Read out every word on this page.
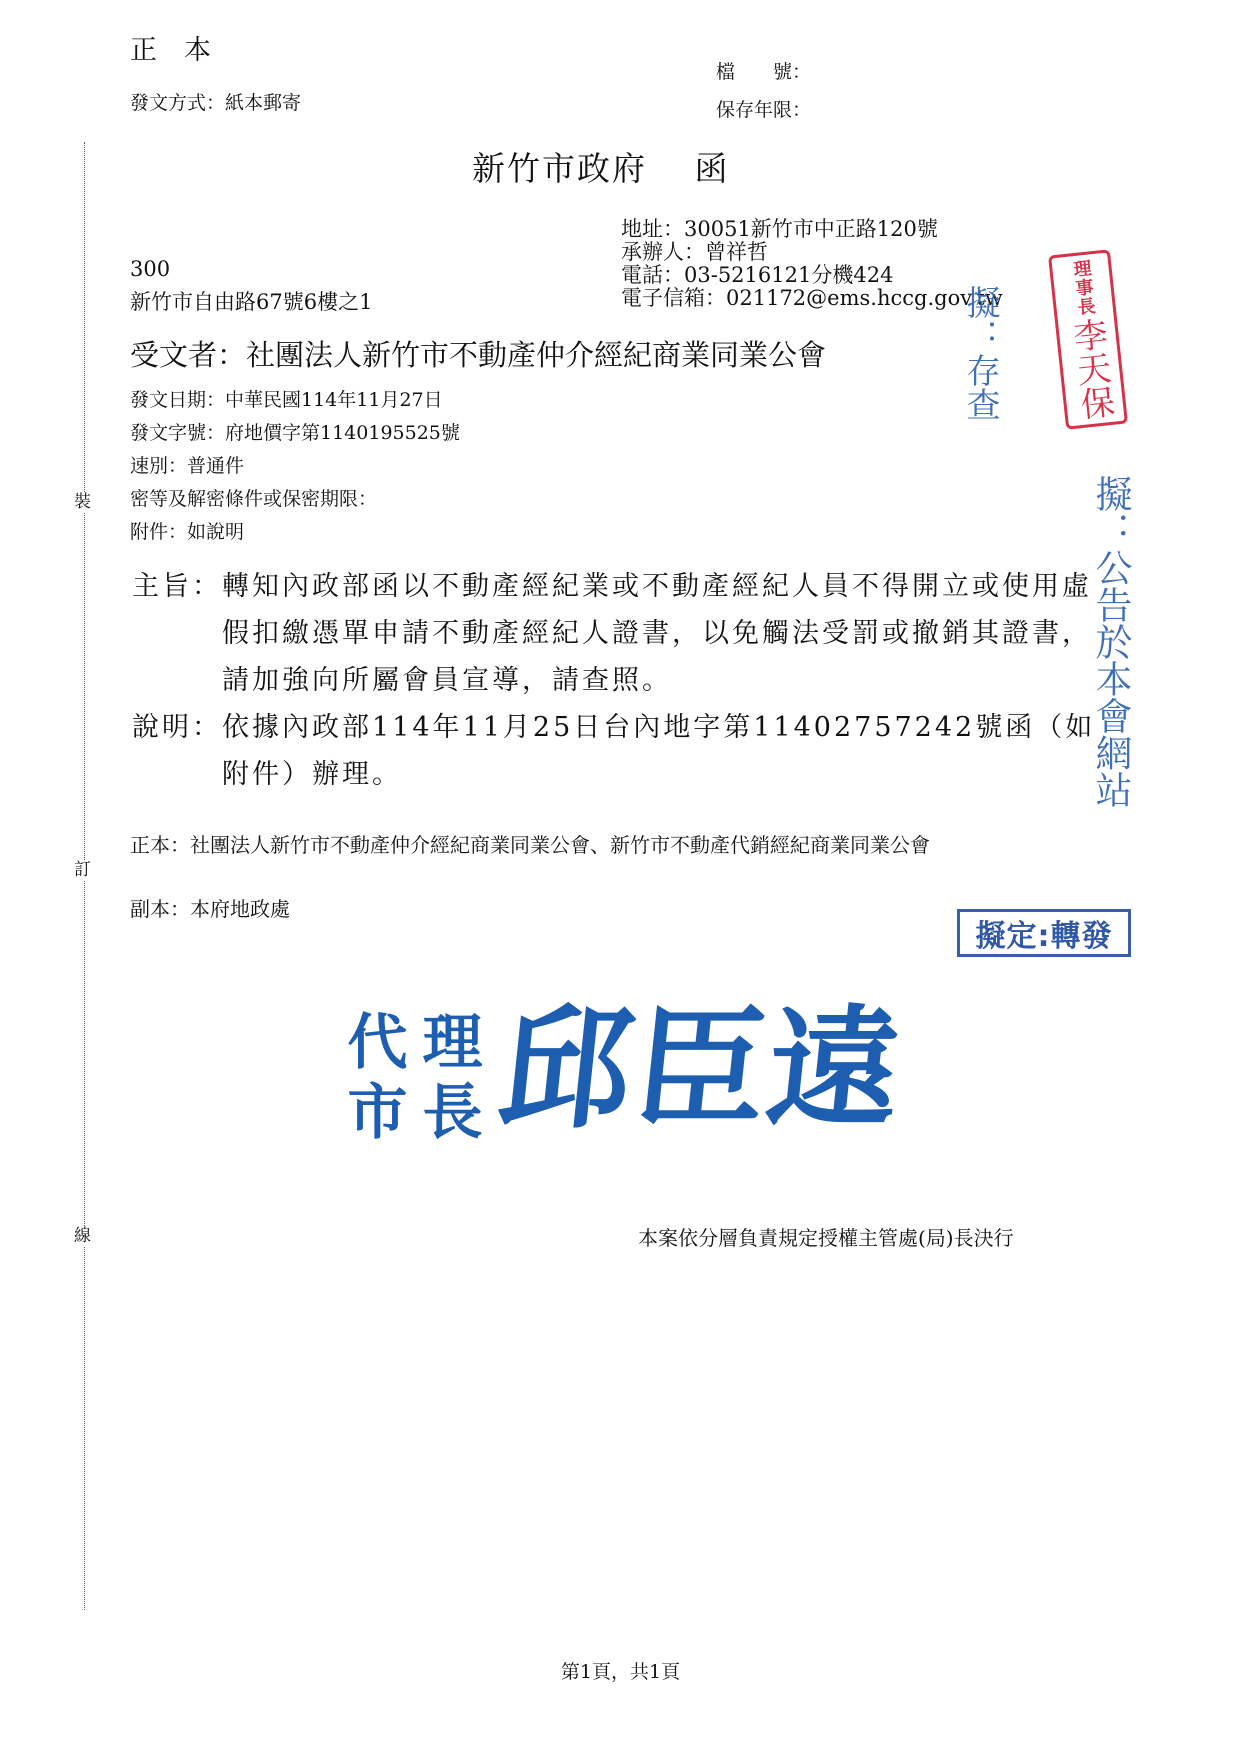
裝
訂
線
正　本
發文方式：紙本郵寄
檔　　號：
保存年限：
新竹市政府　 函
地址：30051新竹市中正路120號
承辦人：曾祥哲
電話：03-5216121分機424
電子信箱：021172@ems.hccg.gov.tw
300
新竹市自由路67號6樓之1
受文者：社團法人新竹市不動產仲介經紀商業同業公會
發文日期：中華民國114年11月27日
發文字號：府地價字第1140195525號
速別：普通件
密等及解密條件或保密期限：
附件：如說明
主旨： 轉知內政部函以不動產經紀業或不動產經紀人員不得開立或使用虛假扣繳憑單申請不動產經紀人證書，以免觸法受罰或撤銷其證書，請加強向所屬會員宣導，請查照。
說明： 依據內政部114年11月25日台內地字第11402757242號函（如附件）辦理。
正本： 社團法人新竹市不動產仲介經紀商業同業公會、新竹市不動產代銷經紀商業同業公會
副本： 本府地政處
理事長
李天保
擬：存查
擬：公告於本會網站
擬定:轉發
代 理
市 長 邱臣遠
本案依分層負責規定授權主管處(局)長決行
第1頁，共1頁
